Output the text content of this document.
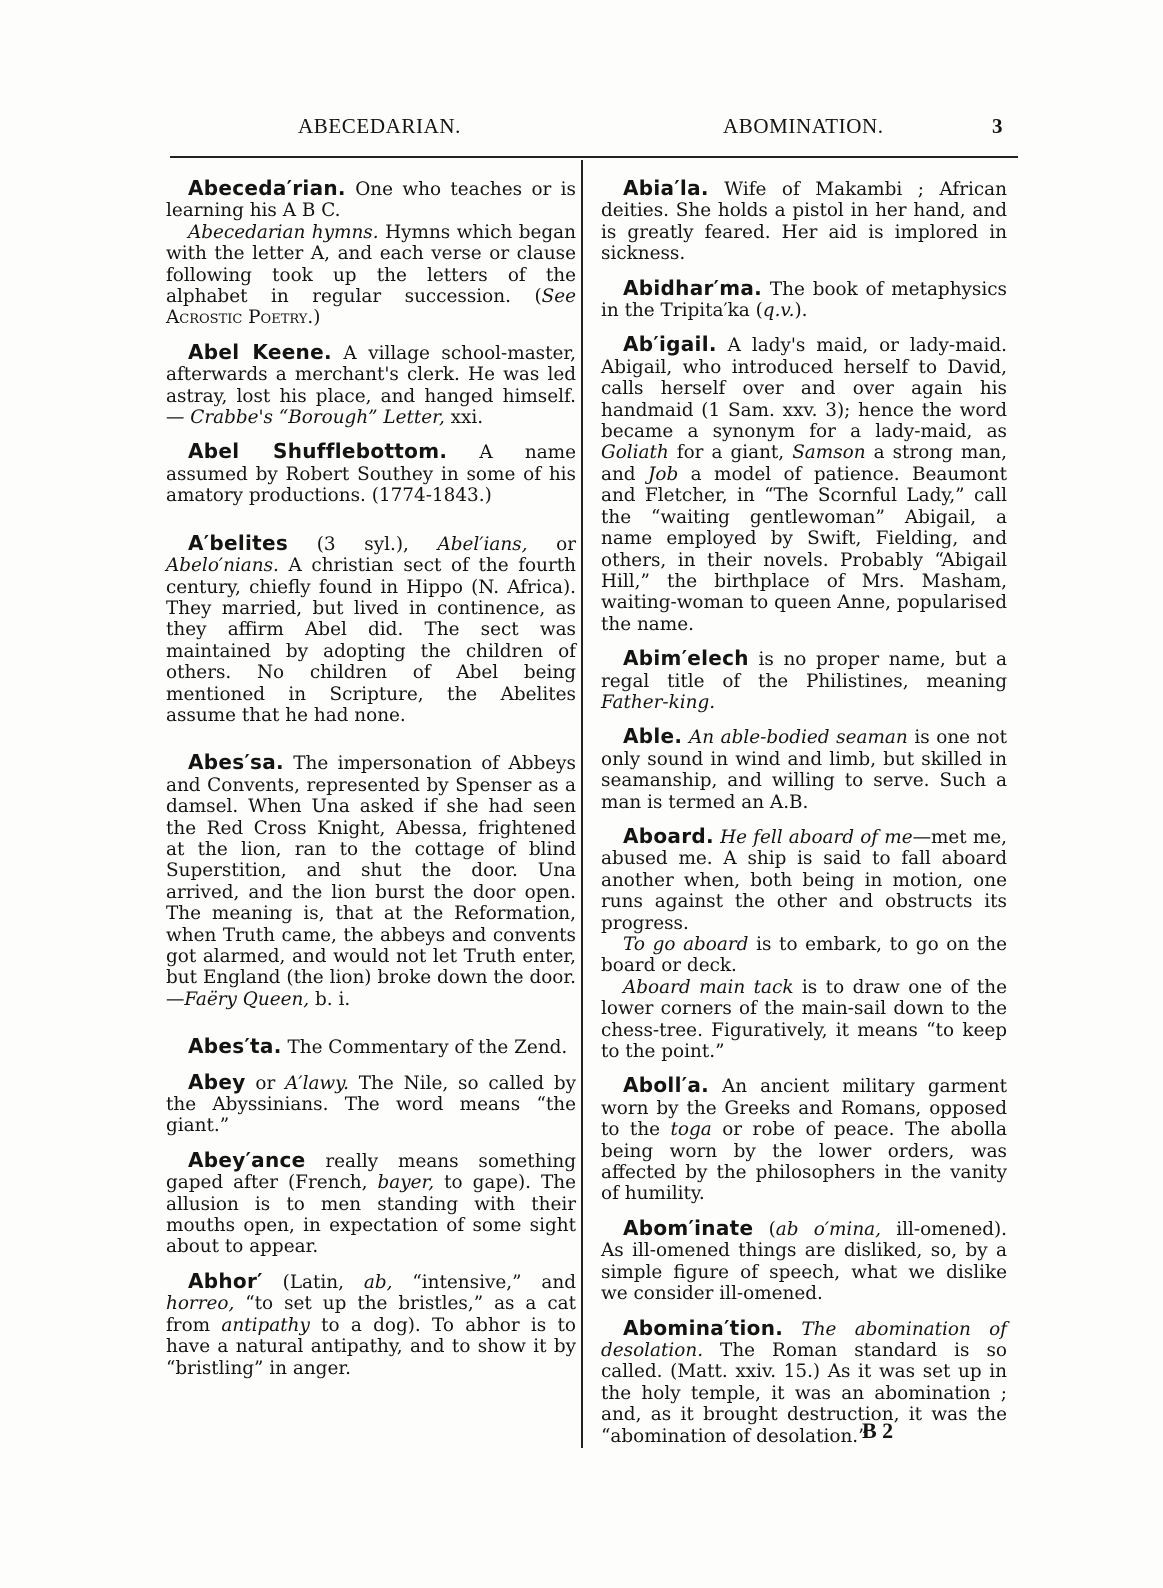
ABECEDARIAN.	ABOMINATION.	3

Abeceda′rian. One who teaches or is learning his A B C.

Abecedarian hymns. Hymns which began with the letter A, and each verse or clause following took up the letters of the alphabet in regular succession. (See Acrostic Poetry.)

Abel Keene. A village school-master, afterwards a merchant's clerk. He was led astray, lost his place, and hanged himself. — Crabbe's “Borough” Letter, xxi.

Abel Shufflebottom. A name assumed by Robert Southey in some of his amatory productions. (1774-1843.)

A′belites (3 syl.), Abel′ians, or Abelo′nians. A christian sect of the fourth century, chiefly found in Hippo (N. Africa). They married, but lived in continence, as they affirm Abel did. The sect was maintained by adopting the children of others. No children of Abel being mentioned in Scripture, the Abelites assume that he had none.

Abes′sa. The impersonation of Abbeys and Convents, represented by Spenser as a damsel. When Una asked if she had seen the Red Cross Knight, Abessa, frightened at the lion, ran to the cottage of blind Superstition, and shut the door. Una arrived, and the lion burst the door open. The meaning is, that at the Reformation, when Truth came, the abbeys and convents got alarmed, and would not let Truth enter, but England (the lion) broke down the door.—Faëry Queen, b. i.

Abes′ta. The Commentary of the Zend.

Abey or A′lawy. The Nile, so called by the Abyssinians. The word means “the giant.”

Abey′ance really means something gaped after (French, bayer, to gape). The allusion is to men standing with their mouths open, in expectation of some sight about to appear.

Abhor′ (Latin, ab, “intensive,” and horreo, “to set up the bristles,” as a cat from antipathy to a dog). To abhor is to have a natural antipathy, and to show it by “bristling” in anger.

Abia′la. Wife of Makambi ; African deities. She holds a pistol in her hand, and is greatly feared. Her aid is implored in sickness.

Abidhar′ma. The book of metaphysics in the Tripita′ka (q.v.).

Ab′igail. A lady's maid, or lady-maid. Abigail, who introduced herself to David, calls herself over and over again his handmaid (1 Sam. xxv. 3); hence the word became a synonym for a lady-maid, as Goliath for a giant, Samson a strong man, and Job a model of patience. Beaumont and Fletcher, in “The Scornful Lady,” call the “waiting gentlewoman” Abigail, a name employed by Swift, Fielding, and others, in their novels. Probably “Abigail Hill,” the birthplace of Mrs. Masham, waiting-woman to queen Anne, popularised the name.

Abim′elech is no proper name, but a regal title of the Philistines, meaning Father-king.

Able. An able-bodied seaman is one not only sound in wind and limb, but skilled in seamanship, and willing to serve. Such a man is termed an A.B.

Aboard. He fell aboard of me—met me, abused me. A ship is said to fall aboard another when, both being in motion, one runs against the other and obstructs its progress.

To go aboard is to embark, to go on the board or deck.

Aboard main tack is to draw one of the lower corners of the main-sail down to the chess-tree. Figuratively, it means “to keep to the point.”

Aboll′a. An ancient military garment worn by the Greeks and Romans, opposed to the toga or robe of peace. The abolla being worn by the lower orders, was affected by the philosophers in the vanity of humility.

Abom′inate (ab o′mina, ill-omened). As ill-omened things are disliked, so, by a simple figure of speech, what we dislike we consider ill-omened.

Abomina′tion. The abomination of desolation. The Roman standard is so called. (Matt. xxiv. 15.) As it was set up in the holy temple, it was an abomination ; and, as it brought destruction, it was the “abomination of desolation.”

B 2
